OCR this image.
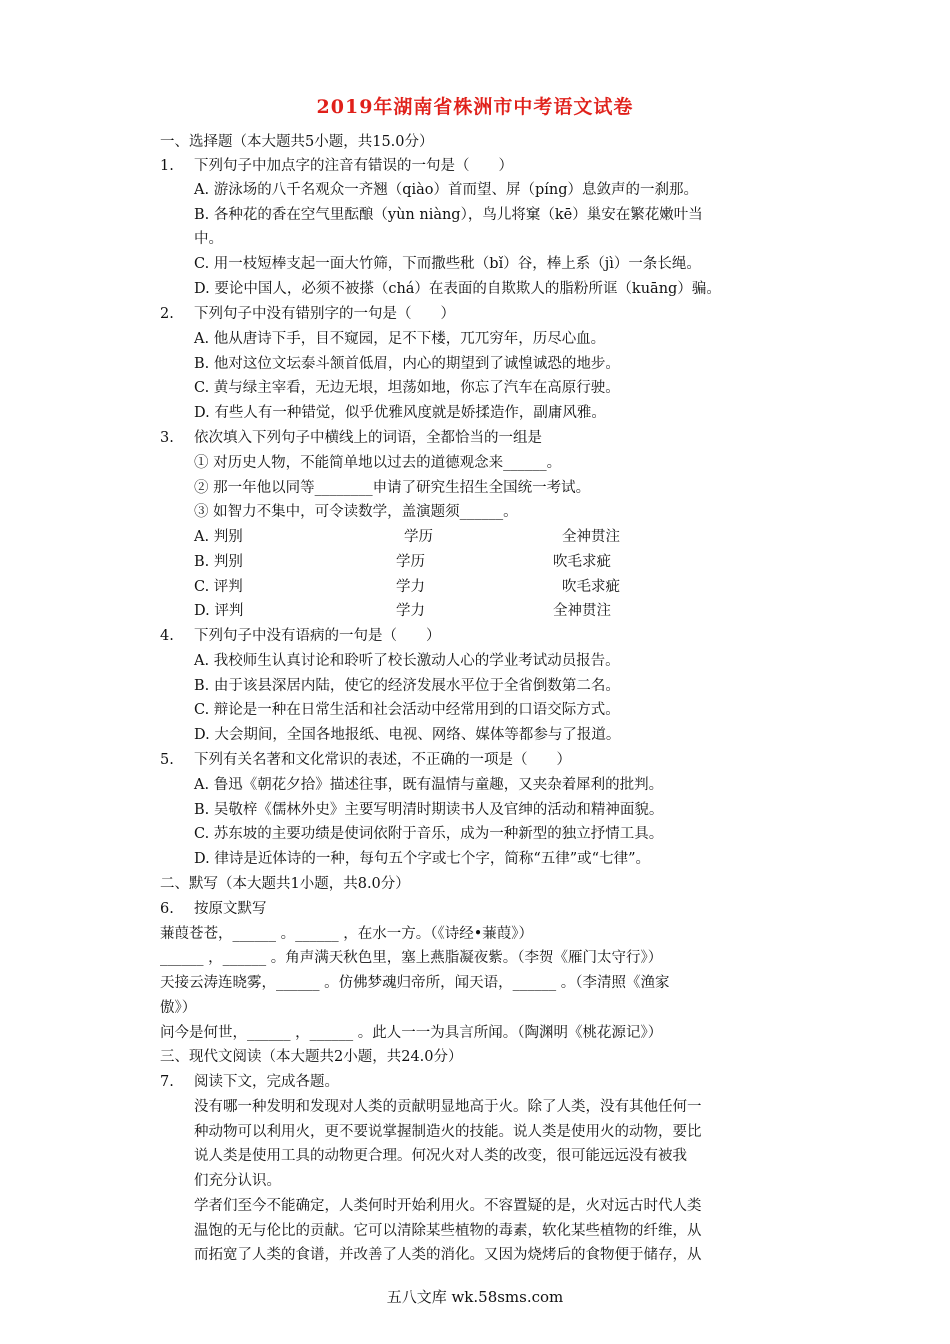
2019年湖南省株洲市中考语文试卷
一、选择题（本大题共5小题，共15.0分）
1. 下列句子中加点字的注音有错误的一句是（　　）
A. 游泳场的八千名观众一齐翘（qiào）首而望、屏（píng）息敛声的一刹那。
B. 各种花的香在空气里酝酿（yùn niàng），鸟儿将窠（kē）巢安在繁花嫩叶当
中。
C. 用一枝短棒支起一面大竹筛，下而撒些秕（bǐ）谷，棒上系（jì）一条长绳。
D. 要论中国人，必须不被搽（chá）在表面的自欺欺人的脂粉所诓（kuāng）骗。
2. 下列句子中没有错别字的一句是（　　）
A. 他从唐诗下手，目不窥园，足不下楼，兀兀穷年，历尽心血。
B. 他对这位文坛泰斗颔首低眉，内心的期望到了诚惶诚恐的地步。
C. 黄与绿主宰看，无边无垠，坦荡如地，你忘了汽车在高原行驶。
D. 有些人有一种错觉，似乎优雅风度就是娇揉造作，副庸风雅。
3. 依次填入下列句子中横线上的词语，全都恰当的一组是
① 对历史人物，不能简单地以过去的道德观念来______。
② 那一年他以同等________申请了研究生招生全国统一考试。
③ 如智力不集中，可令读数学，盖演题须______。
A. 判别	学历	全神贯注
B. 判别	学历	吹毛求疵
C. 评判	学力	吹毛求疵
D. 评判	学力	全神贯注
4. 下列句子中没有语病的一句是（　　）
A. 我校师生认真讨论和聆听了校长激动人心的学业考试动员报告。
B. 由于该县深居内陆，使它的经济发展水平位于全省倒数第二名。
C. 辩论是一种在日常生活和社会活动中经常用到的口语交际方式。
D. 大会期间，全国各地报纸、电视、网络、媒体等都参与了报道。
5. 下列有关名著和文化常识的表述，不正确的一项是（　　）
A. 鲁迅《朝花夕拾》描述往事，既有温情与童趣，又夹杂着犀利的批判。
B. 吴敬梓《儒林外史》主要写明清时期读书人及官绅的活动和精神面貌。
C. 苏东坡的主要功绩是使词依附于音乐，成为一种新型的独立抒情工具。
D. 律诗是近体诗的一种，每句五个字或七个字，简称“五律”或“七律”。
二、默写（本大题共1小题，共8.0分）
6. 按原文默写
蒹葭苍苍，______ 。______ ，在水一方。（《诗经•蒹葭》）
______ ，______ 。角声满天秋色里，塞上燕脂凝夜紫。（李贺《雁门太守行》）
天接云涛连晓雾，______ 。仿佛梦魂归帝所，闻天语，______ 。（李清照《渔家
傲》）
问今是何世，______ ，______ 。此人一一为具言所闻。（陶渊明《桃花源记》）
三、现代文阅读（本大题共2小题，共24.0分）
7. 阅读下文，完成各题。
没有哪一种发明和发现对人类的贡献明显地高于火。除了人类，没有其他任何一
种动物可以利用火，更不要说掌握制造火的技能。说人类是使用火的动物，要比
说人类是使用工具的动物更合理。何况火对人类的改变，很可能远远没有被我
们充分认识。
学者们至今不能确定，人类何时开始利用火。不容置疑的是，火对远古时代人类
温饱的无与伦比的贡献。它可以清除某些植物的毒素，软化某些植物的纤维，从
而拓宽了人类的食谱，并改善了人类的消化。又因为烧烤后的食物便于储存，从
五八文库 wk.58sms.com
